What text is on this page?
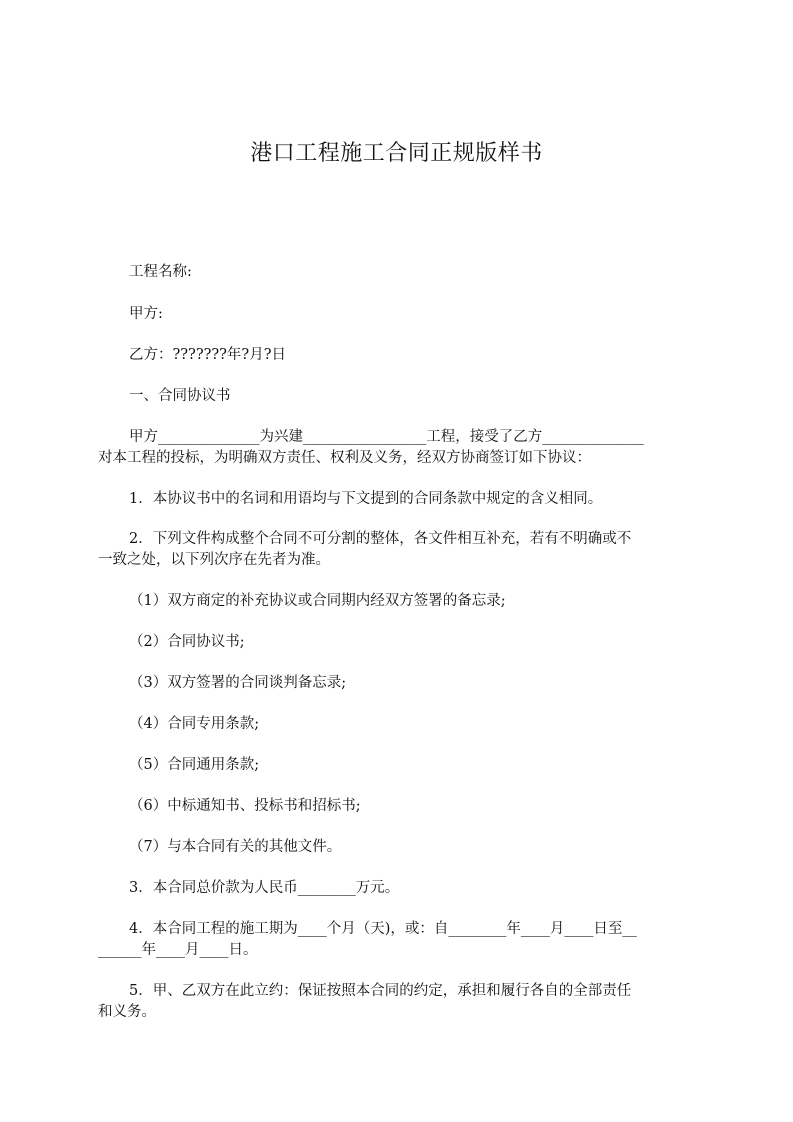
港口工程施工合同正规版样书
工程名称:
甲方:
乙方：???????年?月?日
一、合同协议书
甲方______________为兴建_________________工程，接受了乙方______________
对本工程的投标，为明确双方责任、权利及义务，经双方协商签订如下协议：
1．本协议书中的名词和用语均与下文提到的合同条款中规定的含义相同。
2．下列文件构成整个合同不可分割的整体，各文件相互补充，若有不明确或不
一致之处，以下列次序在先者为准。
（1）双方商定的补充协议或合同期内经双方签署的备忘录;
（2）合同协议书;
（3）双方签署的合同谈判备忘录;
（4）合同专用条款;
（5）合同通用条款;
（6）中标通知书、投标书和招标书;
（7）与本合同有关的其他文件。
3．本合同总价款为人民币________万元。
4．本合同工程的施工期为____个月（天)，或：自________年____月____日至__
______年____月____日。
5．甲、乙双方在此立约：保证按照本合同的约定，承担和履行各自的全部责任
和义务。
